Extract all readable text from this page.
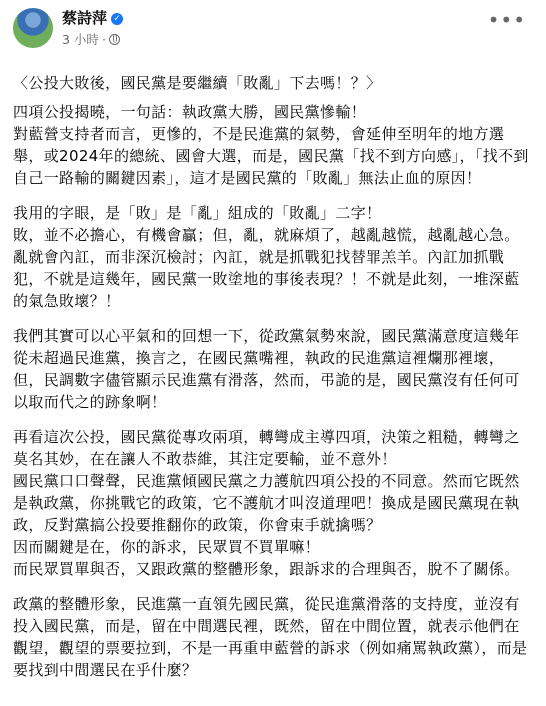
蔡詩萍 ✓
3 小時 ·
•••

〈公投大敗後，國民黨是要繼續「敗亂」下去嗎！？〉

四項公投揭曉，一句話：執政黨大勝，國民黨慘輸！
對藍營支持者而言，更慘的，不是民進黨的氣勢，會延伸至明年的地方選舉，或2024年的總統、國會大選，而是，國民黨「找不到方向感」，「找不到自己一路輸的關鍵因素」，這才是國民黨的「敗亂」無法止血的原因！

我用的字眼，是「敗」是「亂」組成的「敗亂」二字！
敗，並不必擔心，有機會贏；但，亂，就麻煩了，越亂越慌，越亂越心急。亂就會內訌，而非深沉檢討；內訌，就是抓戰犯找替罪羔羊。內訌加抓戰犯，不就是這幾年，國民黨一敗塗地的事後表現？！不就是此刻，一堆深藍的氣急敗壞？！

我們其實可以心平氣和的回想一下，從政黨氣勢來說，國民黨滿意度這幾年從未超過民進黨，換言之，在國民黨嘴裡，執政的民進黨這裡爛那裡壞，但，民調數字儘管顯示民進黨有滑落，然而，弔詭的是，國民黨沒有任何可以取而代之的跡象啊！

再看這次公投，國民黨從專攻兩項，轉彎成主導四項，決策之粗糙，轉彎之莫名其妙，在在讓人不敢恭維，其注定要輸，並不意外！
國民黨口口聲聲，民進黨傾國民黨之力護航四項公投的不同意。然而它既然是執政黨，你挑戰它的政策，它不護航才叫沒道理吧！換成是國民黨現在執政，反對黨搞公投要推翻你的政策，你會束手就擒嗎？
因而關鍵是在，你的訴求，民眾買不買單嘛！
而民眾買單與否，又跟政黨的整體形象，跟訴求的合理與否，脫不了關係。

政黨的整體形象，民進黨一直領先國民黨，從民進黨滑落的支持度，並沒有投入國民黨，而是，留在中間選民裡，既然，留在中間位置，就表示他們在觀望，觀望的票要拉到，不是一再重申藍營的訴求（例如痛罵執政黨），而是要找到中間選民在乎什麼？
